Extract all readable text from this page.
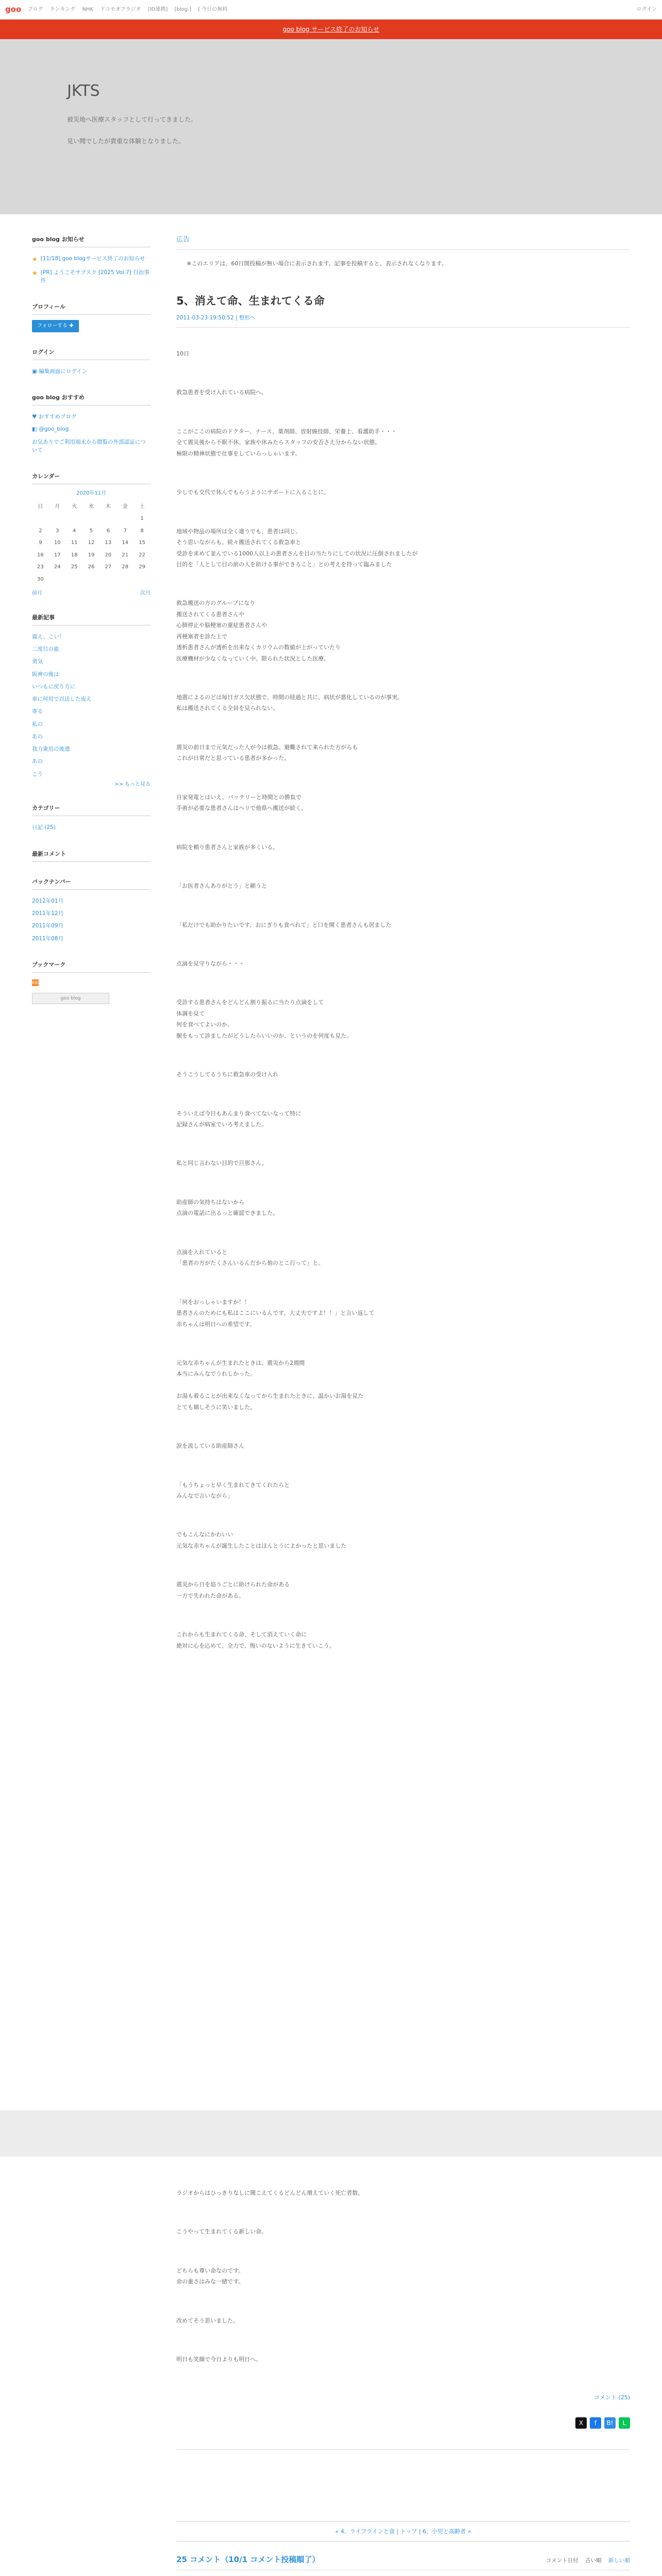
goo ブログ ランキング NHK ドコモオフラジオ [ID連携] [blog.] [ 今日の無料	ログイン
goo blog サービス終了のお知らせ
JKTS

被災地へ医療スタッフとして行ってきました。

見い聞でしたが貴重な体験となりました。

goo blog お知らせ
★ [11/18] goo blogサービス終了のお知らせ
★ [PR] ようこそサブスク [2025 Vol.7] 自治事件
プロフィール
フォローする ✚
ログイン
▣ 編集画面にログイン
goo blog おすすめ
♥ おすすめブログ
◧ @goo_blog
お気ありでご利用端末から閲覧の外部認証について
カレンダー
2020年11月
日	月	火	水	木	金	土
						1
2	3	4	5	6	7	8
9	10	11	12	13	14	15
16	17	18	19	20	21	22
23	24	25	26	27	28	29
30						
前月	次月
最新記事
震え、こい！
二度目の旅
勇気
阪神の後は
いつもに戻り方に
車に何用で以送した夜え
寄る
私の
あの
我力乗用の後遣
あの
こう
>> もっと見る
カテゴリー
日記 (25)
最新コメント
バックナンバー
2012年01月
2011年12月
2011年09月
2011年08月
ブックマーク
RSS
goo blog
広告
※このエリアは、60日間投稿が無い場合に表示されます。記事を投稿すると、表示されなくなります。
5、消えて命、生まれてくる命
2011-03-23 19:50:52 | 整形へ
10日
救急患者を受け入れている病院へ。
ここがここの病院のドクター、ナース、薬剤師、放射線技師、栄養士、看護助手・・・
全て震災後から不眠不休。家族や休みたらスタッフの安否さえ分からない状態。
極限の精神状態で仕事をしていらっしゃいます。
少しでも交代で休んでもらうようにサポートに入ることに。
地域や物品の場所は全く違うでも、患者は同じ。
そう思いながらも、続々搬送されてくる救急車と
受診を求めて並んでいる1000人以上の患者さんを目の当たりにしての状況に圧倒されましたが
目的を「人として目の前の人を助ける事ができること」との考えを持って臨みました
救急搬送の方のグループになり
搬送されてくる患者さんや
心肺停止や脳梗塞の重症患者さんや
再梗塞者を診た上で
透析患者さんが透析を出来なくカリウムの数値が上がっていたり
医療機材が少なくなっていく中、限られた状況とした医療。
地震によるのどは毎日ガス欠状態で、時間の経過と共に、病状が悪化しているのが事実。
私は搬送されてくる全員を見られない。
震災の前日まで元気だった人が今は救急。避難されて来られた方がらも
これが日常だと思っている患者が多かった。
自家発電とはいえ、バッテリーと時間との勝負で
手術が必要な患者さんはヘリで他県へ搬送が続く。
病院を頼り患者さんと家族が多くいる。
「お医者さんありがとう」と願うと
「私だけでも助かりたいです、おにぎりも食べれて」と口を開く患者さんも居ました
点滴を見守りながら・・・
受診する患者さんをどんどん割り振るに当たり点滴をして
体調を見て
何を食べてよいのか、
腕をもって診ましたがどうしたらいいのか、というのを何度も見た。
そうこうしてるうちに救急車の受け入れ
そういえば今日もあんまり食べてないなって特に
記録さんが病室でいろ考えました。
私と同じ言わない目的で旦那さん。
助産師の気持ちはないから
点滴の電話に出るっと確認できました。
点滴を入れていると
「患者の方がたくさんいるんだから他のとこ行って」と。
「何をおっしゃいますか！！
患者さんのためにも私はここにいるんです、大丈夫ですよ！！」と言い返して
赤ちゃんは明日への希望です。
元気な赤ちゃんが生まれたときは、震災から2週間
本当にみんなでうれしかった。

お湯も着ることが出来なくなってから生まれたときに、温かいお湯を見た
とても嬉しそうに笑いました。
涙を流している助産師さん
「もうちょっと早く生まれてきてくれたらと
みんなで言いながら」
でもこんなにかわいい
元気な赤ちゃんが誕生したことはほんとうによかったと思いました
震災から日を追うごとに助けられた命がある
一方で失われた命がある。
これからも生まれてくる命、そして消えていく命に
絶対に心を込めて、全力で、悔いのないように生きていこう。
ラジオからはひっきりなしに聞こえてくるどんどん増えていく死亡者数。
こうやって生まれてくる新しい命。
どちらも尊い命なのです。
命の重さはみな一緒です。
改めてそう思いました。
明日も笑顔で今日よりも明日へ。
コメント (25)
X	f	B!	L
« 4、ライフラインと食 | トップ | 6、小児と高齢者 »
25 コメント（10/1 コメント投稿順了）	コメント日付 古い順 新しい順
